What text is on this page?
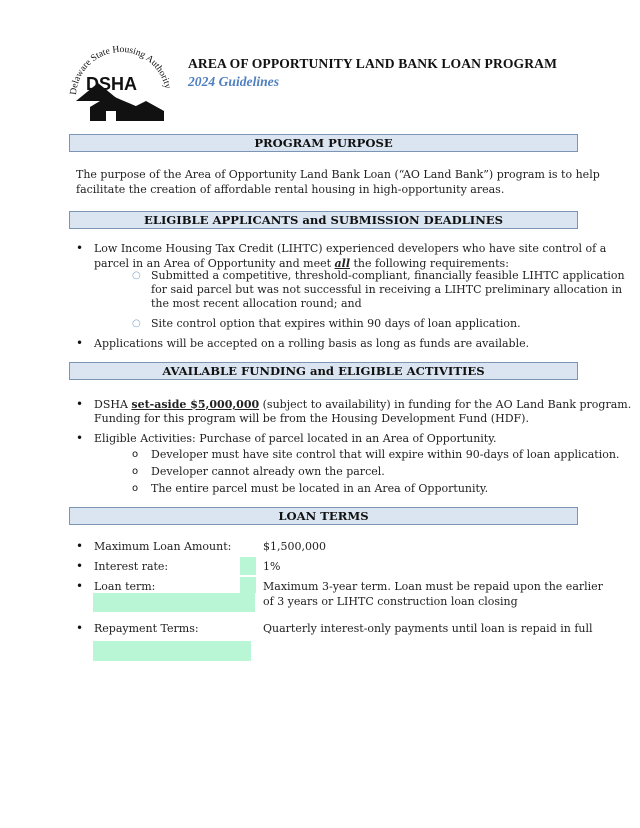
Delaware State Housing Authority
DSHA
AREA OF OPPORTUNITY LAND BANK LOAN PROGRAM
2024 Guidelines
PROGRAM PURPOSE
The purpose of the Area of Opportunity Land Bank Loan (“AO Land Bank”) program is to help
facilitate the creation of affordable rental housing in high-opportunity areas.
ELIGIBLE APPLICANTS and SUBMISSION DEADLINES
• Low Income Housing Tax Credit (LIHTC) experienced developers who have site control of a
parcel in an Area of Opportunity and meet all the following requirements:
○ Submitted a competitive, threshold-compliant, financially feasible LIHTC application
for said parcel but was not successful in receiving a LIHTC preliminary allocation in
the most recent allocation round; and
○ Site control option that expires within 90 days of loan application.
• Applications will be accepted on a rolling basis as long as funds are available.
AVAILABLE FUNDING and ELIGIBLE ACTIVITIES
• DSHA set-aside $5,000,000 (subject to availability) in funding for the AO Land Bank program.
Funding for this program will be from the Housing Development Fund (HDF).
• Eligible Activities: Purchase of parcel located in an Area of Opportunity.
o Developer must have site control that will expire within 90-days of loan application.
o Developer cannot already own the parcel.
o The entire parcel must be located in an Area of Opportunity.
LOAN TERMS
• Maximum Loan Amount:	$1,500,000
• Interest rate:	1%
• Loan term:	Maximum 3-year term. Loan must be repaid upon the earlier
of 3 years or LIHTC construction loan closing
• Repayment Terms:	Quarterly interest-only payments until loan is repaid in full
